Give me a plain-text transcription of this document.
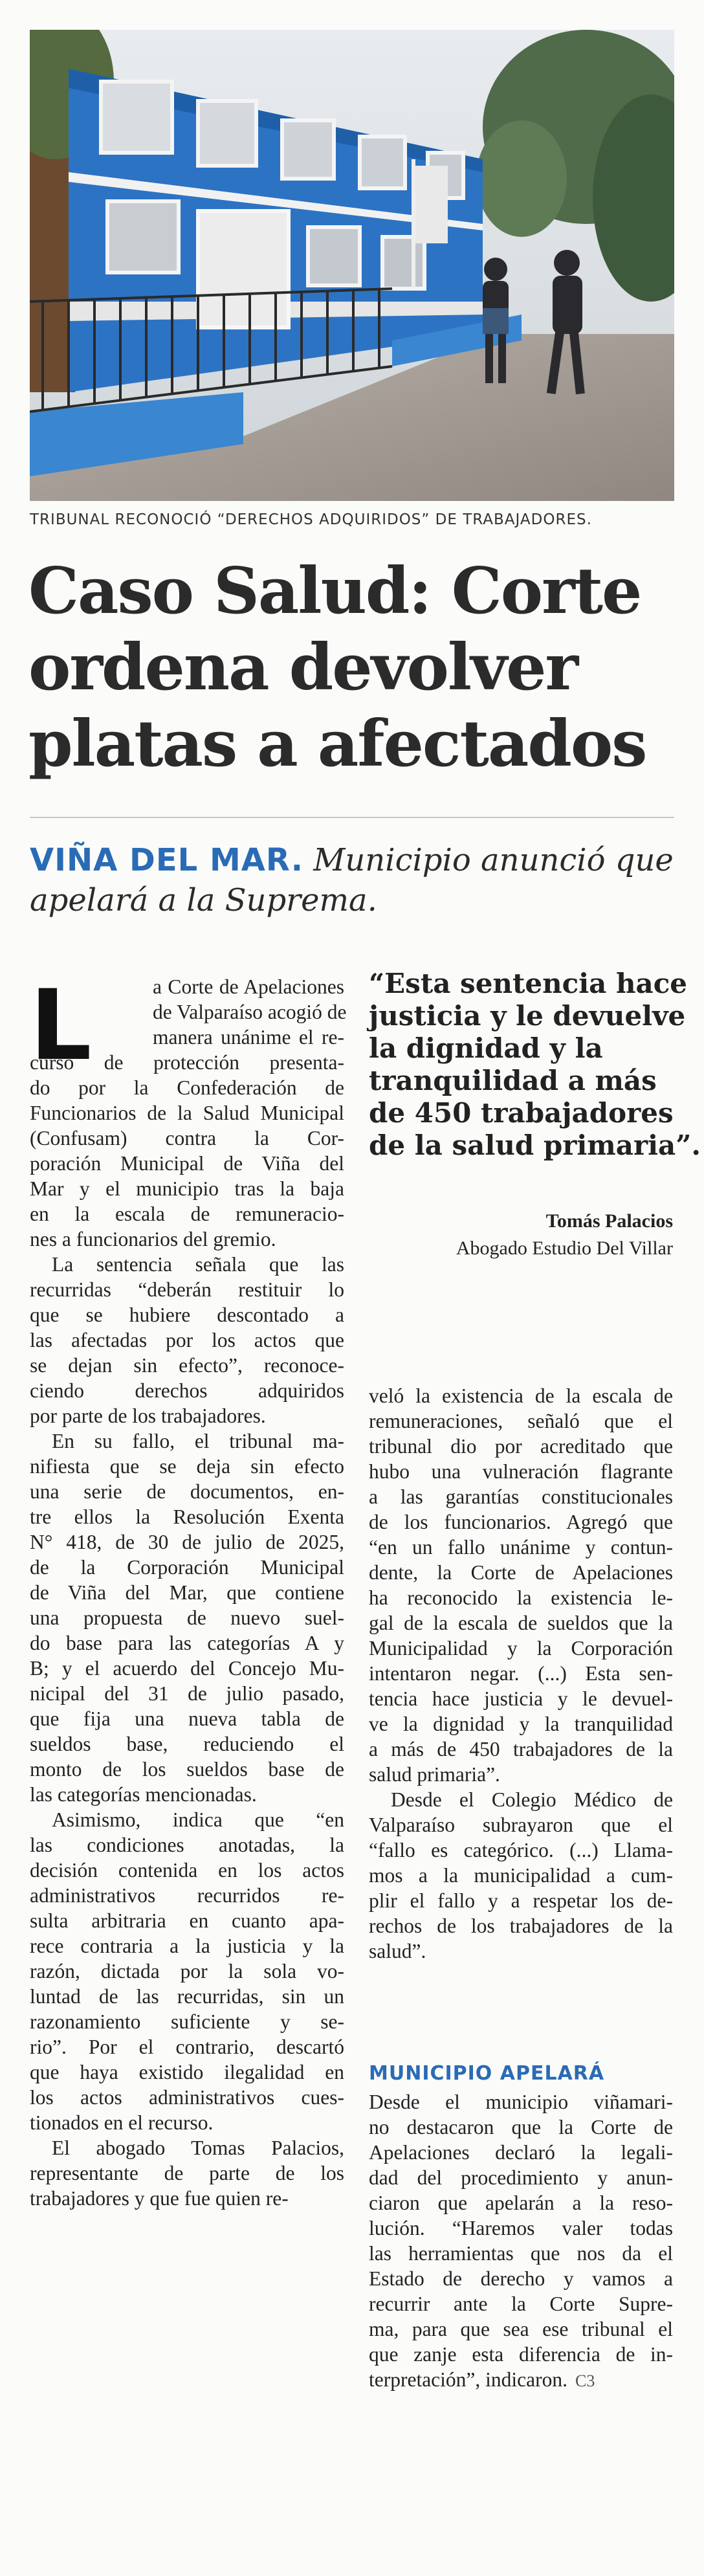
TRIBUNAL RECONOCIÓ “DERECHOS ADQUIRIDOS” DE TRABAJADORES.
Caso Salud: Corte
ordena devolver
platas a afectados
VIÑA DEL MAR. Municipio anunció que apelará a la Suprema.
L	a Corte de Apelaciones
de Valparaíso acogió de
manera unánime el re-
curso de protección presenta-
do por la Confederación de
Funcionarios de la Salud Municipal
(Confusam) contra la Cor-
poración Municipal de Viña del
Mar y el municipio tras la baja
en la escala de remuneracio-
nes a funcionarios del gremio.
La sentencia señala que las
recurridas “deberán restituir lo
que se hubiere descontado a
las afectadas por los actos que
se dejan sin efecto”, reconoce-
ciendo derechos adquiridos
por parte de los trabajadores.
En su fallo, el tribunal ma-
nifiesta que se deja sin efecto
una serie de documentos, en-
tre ellos la Resolución Exenta
N° 418, de 30 de julio de 2025,
de la Corporación Municipal
de Viña del Mar, que contiene
una propuesta de nuevo suel-
do base para las categorías A y
B; y el acuerdo del Concejo Mu-
nicipal del 31 de julio pasado,
que fija una nueva tabla de
sueldos base, reduciendo el
monto de los sueldos base de
las categorías mencionadas.
Asimismo, indica que “en
las condiciones anotadas, la
decisión contenida en los actos
administrativos recurridos re-
sulta arbitraria en cuanto apa-
rece contraria a la justicia y la
razón, dictada por la sola vo-
luntad de las recurridas, sin un
razonamiento suficiente y se-
rio”. Por el contrario, descartó
que haya existido ilegalidad en
los actos administrativos cues-
tionados en el recurso.
El abogado Tomas Palacios,
representante de parte de los
trabajadores y que fue quien re-
“Esta sentencia hace
justicia y le devuelve
la dignidad y la
tranquilidad a más
de 450 trabajadores
de la salud primaria”.
Tomás Palacios
Abogado Estudio Del Villar
veló la existencia de la escala de
remuneraciones, señaló que el
tribunal dio por acreditado que
hubo una vulneración flagrante
a las garantías constitucionales
de los funcionarios. Agregó que
“en un fallo unánime y contun-
dente, la Corte de Apelaciones
ha reconocido la existencia le-
gal de la escala de sueldos que la
Municipalidad y la Corporación
intentaron negar. (...) Esta sen-
tencia hace justicia y le devuel-
ve la dignidad y la tranquilidad
a más de 450 trabajadores de la
salud primaria”.
Desde el Colegio Médico de
Valparaíso subrayaron que el
“fallo es categórico. (...) Llama-
mos a la municipalidad a cum-
plir el fallo y a respetar los de-
rechos de los trabajadores de la
salud”.
MUNICIPIO APELARÁ
Desde el municipio viñamari-
no destacaron que la Corte de
Apelaciones declaró la legali-
dad del procedimiento y anun-
ciaron que apelarán a la reso-
lución. “Haremos valer todas
las herramientas que nos da el
Estado de derecho y vamos a
recurrir ante la Corte Supre-
ma, para que sea ese tribunal el
que zanje esta diferencia de in-
terpretación”, indicaron. C3
